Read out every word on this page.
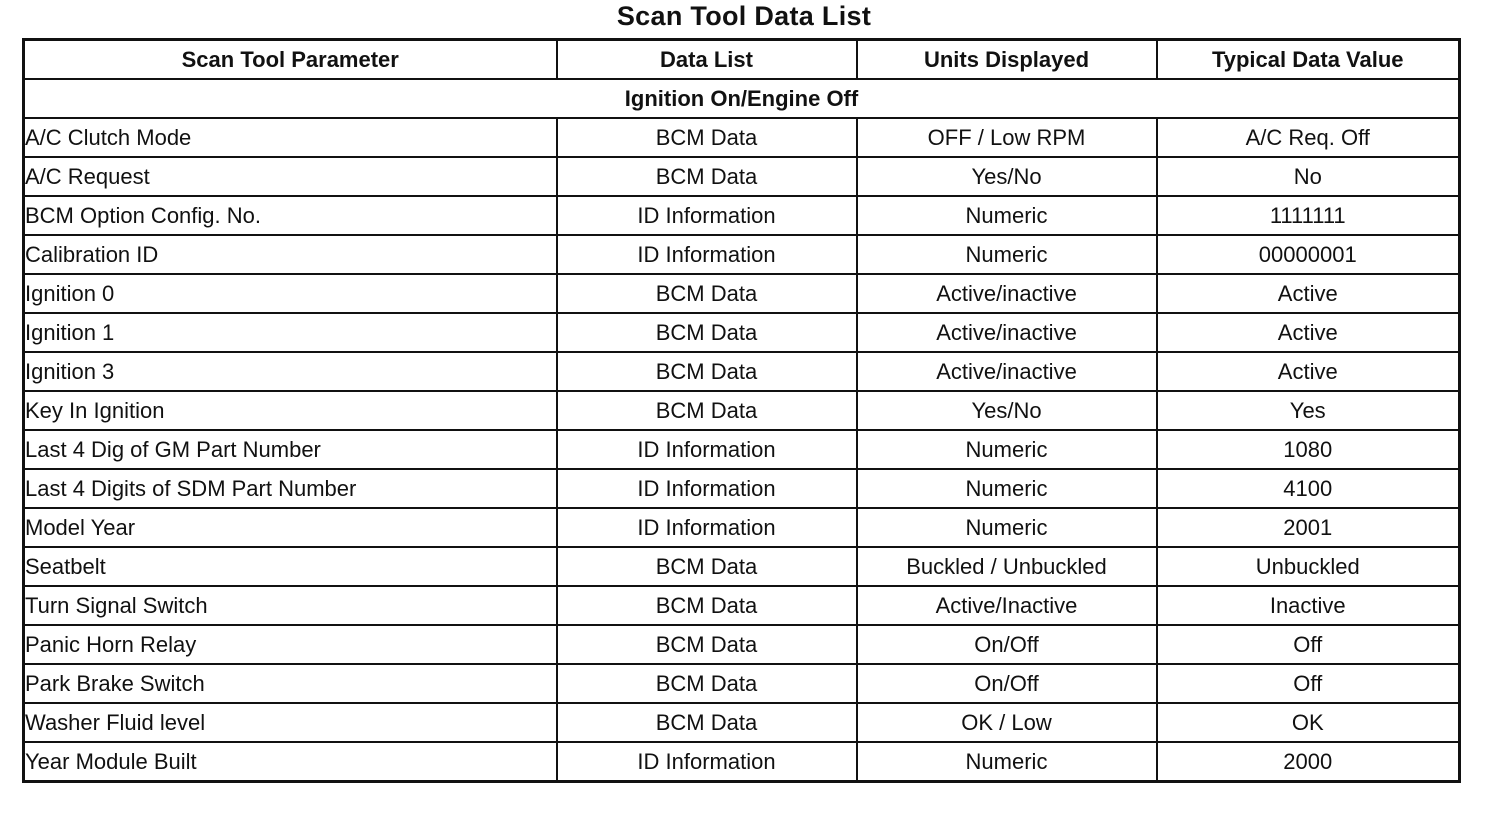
Scan Tool Data List
Scan Tool Parameter	Data List	Units Displayed	Typical Data Value
Ignition On/Engine Off			
A/C Clutch Mode	BCM Data	OFF / Low RPM	A/C Req. Off
A/C Request	BCM Data	Yes/No	No
BCM Option Config. No.	ID Information	Numeric	1111111
Calibration ID	ID Information	Numeric	00000001
Ignition 0	BCM Data	Active/inactive	Active
Ignition 1	BCM Data	Active/inactive	Active
Ignition 3	BCM Data	Active/inactive	Active
Key In Ignition	BCM Data	Yes/No	Yes
Last 4 Dig of GM Part Number	ID Information	Numeric	1080
Last 4 Digits of SDM Part Number	ID Information	Numeric	4100
Model Year	ID Information	Numeric	2001
Seatbelt	BCM Data	Buckled / Unbuckled	Unbuckled
Turn Signal Switch	BCM Data	Active/Inactive	Inactive
Panic Horn Relay	BCM Data	On/Off	Off
Park Brake Switch	BCM Data	On/Off	Off
Washer Fluid level	BCM Data	OK / Low	OK
Year Module Built	ID Information	Numeric	2000
